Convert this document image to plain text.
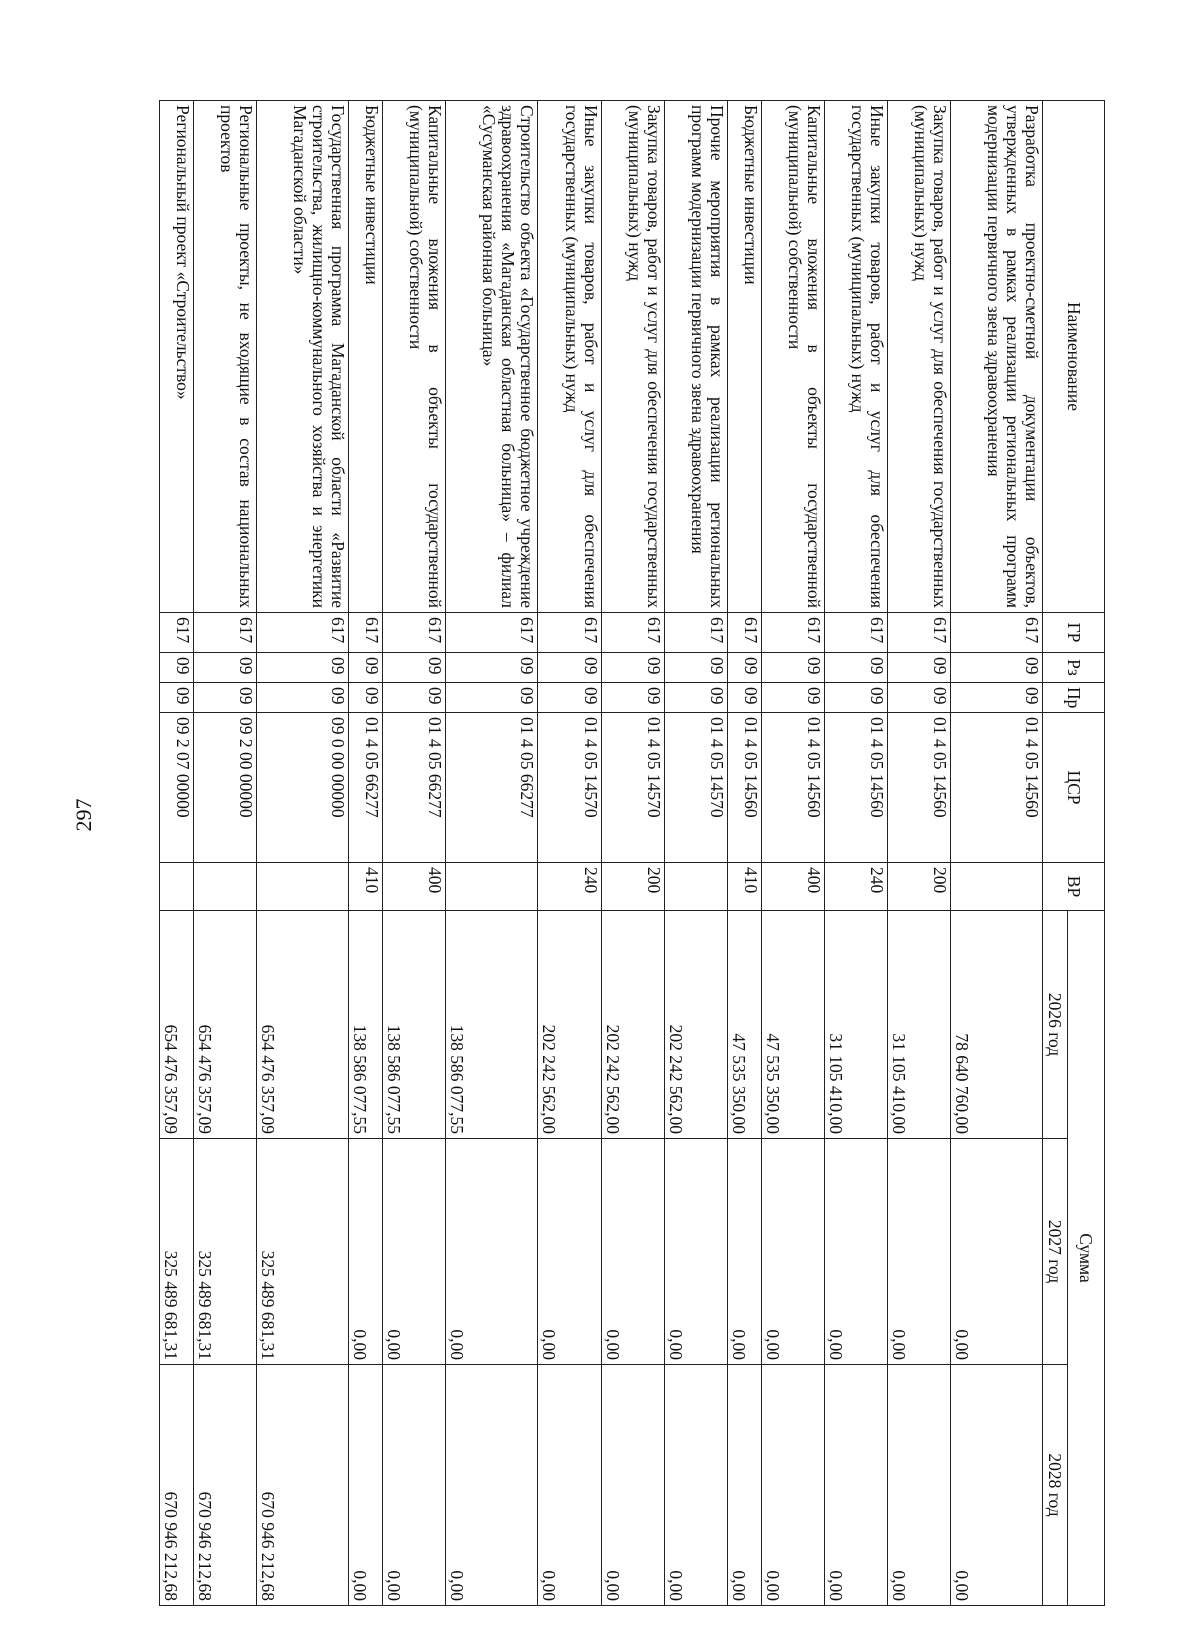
297
Наименование	ГР	Рз	Пр	ЦСР	ВР	Сумма		
						2026 год	2027 год	2028 год
Разработка проектно-сметной документации объектов, утвержденных в рамках реализации региональных программ модернизации первичного звена здравоохранения	617	09	09	01 4 05 14560		78 640 760,00	0,00	0,00
Закупка товаров, работ и услуг для обеспечения государственных (муниципальных) нужд	617	09	09	01 4 05 14560	200	31 105 410,00	0,00	0,00
Иные закупки товаров, работ и услуг для обеспечения государственных (муниципальных) нужд	617	09	09	01 4 05 14560	240	31 105 410,00	0,00	0,00
Капитальные вложения в объекты государственной (муниципальной) собственности	617	09	09	01 4 05 14560	400	47 535 350,00	0,00	0,00
Бюджетные инвестиции	617	09	09	01 4 05 14560	410	47 535 350,00	0,00	0,00
Прочие мероприятия в рамках реализации региональных программ модернизации первичного звена здравоохранения	617	09	09	01 4 05 14570		202 242 562,00	0,00	0,00
Закупка товаров, работ и услуг для обеспечения государственных (муниципальных) нужд	617	09	09	01 4 05 14570	200	202 242 562,00	0,00	0,00
Иные закупки товаров, работ и услуг для обеспечения государственных (муниципальных) нужд	617	09	09	01 4 05 14570	240	202 242 562,00	0,00	0,00
Строительство объекта «Государственное бюджетное учреждение здравоохранения «Магаданская областная больница» – филиал «Сусуманская районная больница»	617	09	09	01 4 05 66277		138 586 077,55	0,00	0,00
Капитальные вложения в объекты государственной (муниципальной) собственности	617	09	09	01 4 05 66277	400	138 586 077,55	0,00	0,00
Бюджетные инвестиции	617	09	09	01 4 05 66277	410	138 586 077,55	0,00	0,00
Государственная программа Магаданской области «Развитие строительства, жилищно-коммунального хозяйства и энергетики Магаданской области»	617	09	09	09 0 00 00000		654 476 357,09	325 489 681,31	670 946 212,68
Региональные проекты, не входящие в состав национальных проектов	617	09	09	09 2 00 00000		654 476 357,09	325 489 681,31	670 946 212,68
Региональный проект «Строительство»	617	09	09	09 2 07 00000		654 476 357,09	325 489 681,31	670 946 212,68
